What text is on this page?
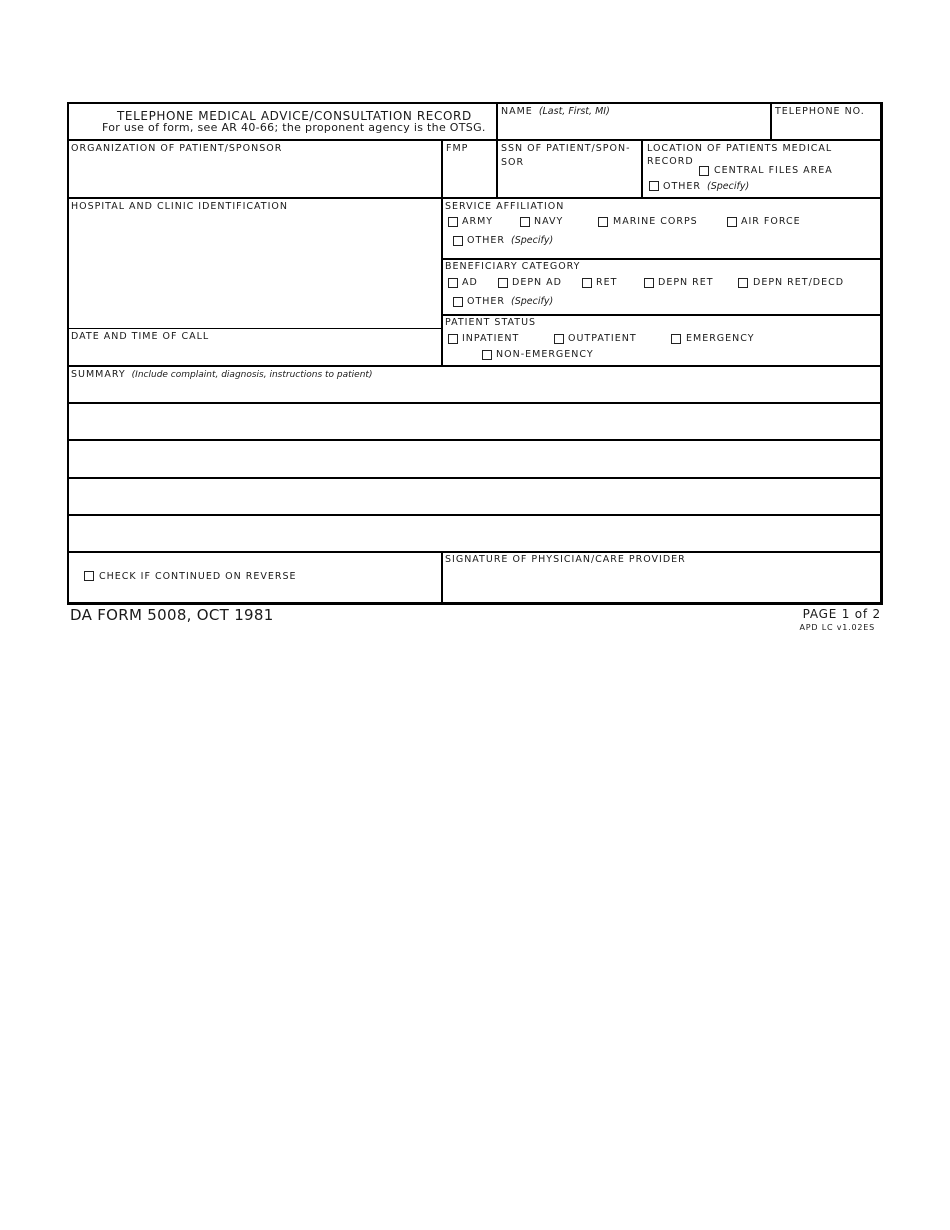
TELEPHONE MEDICAL ADVICE/CONSULTATION RECORD
For use of form, see AR 40-66; the proponent agency is the OTSG.
NAME (Last, First, MI)	TELEPHONE NO.
ORGANIZATION OF PATIENT/SPONSOR	FMP	SSN OF PATIENT/SPON-
SOR
LOCATION OF PATIENTS MEDICAL
RECORD
CENTRAL FILES AREA
OTHER (Specify)
HOSPITAL AND CLINIC IDENTIFICATION
DATE AND TIME OF CALL
SERVICE AFFILIATION
ARMY	NAVY	MARINE CORPS	AIR FORCE
OTHER (Specify)
BENEFICIARY CATEGORY
AD	DEPN AD	RET	DEPN RET	DEPN RET/DECD
OTHER (Specify)
PATIENT STATUS
INPATIENT	OUTPATIENT	EMERGENCY
NON-EMERGENCY
SUMMARY (Include complaint, diagnosis, instructions to patient)
CHECK IF CONTINUED ON REVERSE
SIGNATURE OF PHYSICIAN/CARE PROVIDER
DA FORM 5008, OCT 1981	PAGE 1 of 2
APD LC v1.02ES
